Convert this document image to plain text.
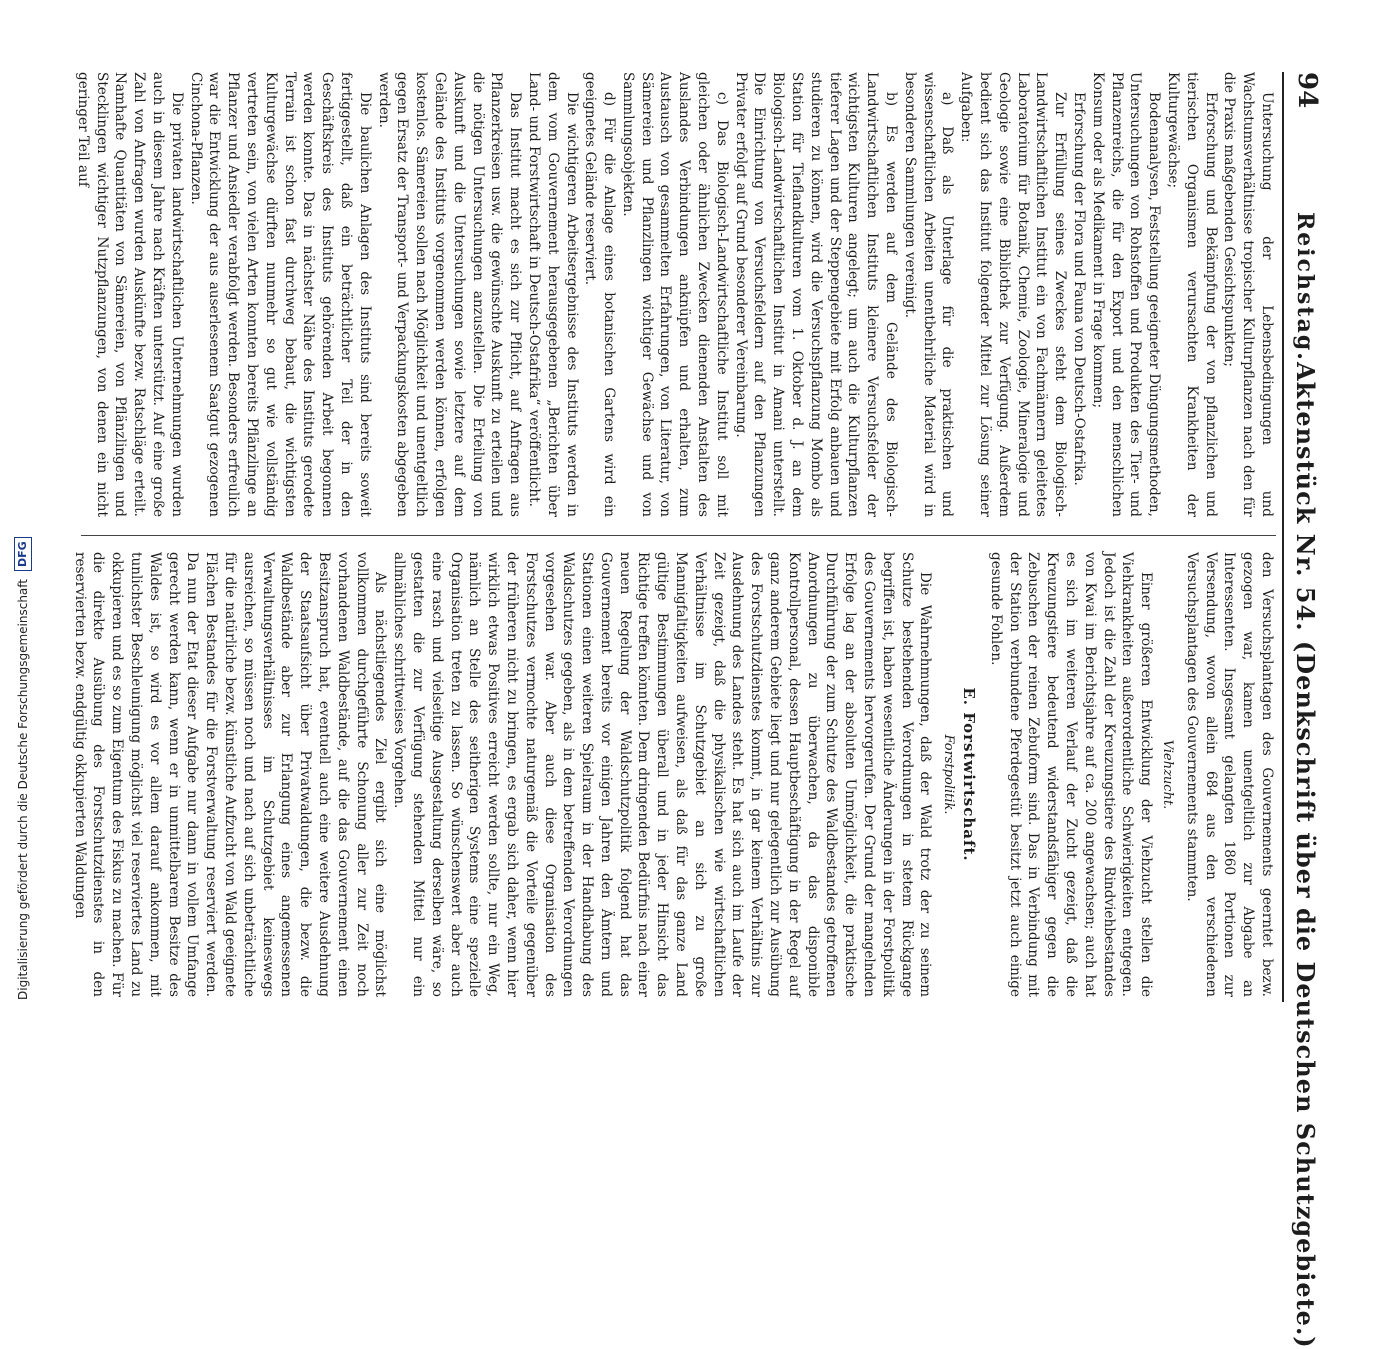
94
Reichstag.
Aktenstück Nr. 54. (Denkschrift über die Deutschen Schutzgebiete.)

Untersuchung der Lebensbedingungen und Wachstumsverhältnisse tropischer Kulturpflanzen nach den für die Praxis maßgebenden Gesichtspunkten;

Erforschung und Bekämpfung der von pflanzlichen und tierischen Organismen verursachten Krankheiten der Kulturgewächse;

Bodenanalysen, Feststellung geeigneter Düngungsmethoden, Untersuchungen von Rohstoffen und Produkten des Tier- und Pflanzenreichs, die für den Export und den menschlichen Konsum oder als Medikament in Frage kommen;

Erforschung der Flora und Fauna von Deutsch-Ostafrika.

Zur Erfüllung seines Zweckes steht dem Biologisch-Landwirtschaftlichen Institut ein von Fachmännern geleitetes Laboratorium für Botanik, Chemie, Zoologie, Mineralogie und Geologie sowie eine Bibliothek zur Verfügung. Außerdem bedient sich das Institut folgender Mittel zur Lösung seiner Aufgaben:

a) Daß als Unterlage für die praktischen und wissenschaftlichen Arbeiten unentbehrliche Material wird in besonderen Sammlungen vereinigt.

b) Es werden auf dem Gelände des Biologisch-Landwirtschaftlichen Instituts kleinere Versuchsfelder der wichtigsten Kulturen angelegt; um auch die Kulturpflanzen tieferer Lagen und der Steppengebiete mit Erfolg anbauen und studieren zu können, wird die Versuchspflanzung Mombo als Station für Tieflandkulturen vom 1. Oktober d. J. an dem Biologisch-Landwirtschaftlichen Institut in Amani unterstellt. Die Einrichtung von Versuchsfeldern auf den Pflanzungen Privater erfolgt auf Grund besonderer Vereinbarung.

c) Das Biologisch-Landwirtschaftliche Institut soll mit gleichen oder ähnlichen Zwecken dienenden Anstalten des Auslandes Verbindungen anknüpfen und erhalten, zum Austausch von gesammelten Erfahrungen, von Literatur, von Sämereien und Pflanzlingen wichtiger Gewächse und von Sammlungsobjekten.

d) Für die Anlage eines botanischen Gartens wird ein geeignetes Gelände reserviert.

Die wichtigeren Arbeitsergebnisse des Instituts werden in dem vom Gouvernement herausgegebenen „Berichten über Land- und Forstwirtschaft in Deutsch-Ostafrika“ veröffentlicht.

Das Institut macht es sich zur Pflicht, auf Anfragen aus Pflanzerkreisen usw. die gewünschte Auskunft zu erteilen und die nötigen Untersuchungen anzustellen. Die Erteilung von Auskunft und die Untersuchungen sowie letztere auf dem Gelände des Instituts vorgenommen werden können, erfolgen kostenlos. Sämereien sollen nach Möglichkeit und unentgeltlich gegen Ersatz der Transport- und Verpackungskosten abgegeben werden.

Die baulichen Anlagen des Instituts sind bereits soweit fertiggestellt, daß ein beträchtlicher Teil der in den Geschäftskreis des Instituts gehörenden Arbeit begonnen werden konnte. Das in nächster Nähe des Instituts gerodete Terrain ist schon fast durchweg bebaut, die wichtigsten Kulturgewächse dürften nunmehr so gut wie vollständig vertreten sein, von vielen Arten konnten bereits Pflänzlinge an Pflanzer und Ansiedler verabfolgt werden. Besonders erfreulich war die Entwicklung der aus auserlesenem Saatgut gezogenen Cinchona-Pflanzen.

Die privaten landwirtschaftlichen Unternehmungen wurden auch in diesem Jahre nach Kräften unterstützt. Auf eine große Zahl von Anfragen wurden Auskünfte bezw. Ratschläge erteilt. Namhafte Quantitäten von Sämereien, von Pflänzlingen und Stecklingen wichtiger Nutzpflanzungen, von denen ein nicht geringer Teil auf

den Versuchsplantagen des Gouvernements geerntet bezw. gezogen war, kamen unentgeltlich zur Abgabe an Interessenten. Insgesamt gelangten 1860 Portionen zur Versendung, wovon allein 684 aus den verschiedenen Versuchsplantagen des Gouvernements stammten.

Viehzucht.

Einer größeren Entwicklung der Viehzucht stellen die Viehkrankheiten außerordentliche Schwierigkeiten entgegen. Jedoch ist die Zahl der Kreuzungstiere des Rindviehbestandes von Kwai im Berichtsjahre auf ca. 200 angewachsen; auch hat es sich im weiteren Verlauf der Zucht gezeigt, daß die Kreuzungstiere bedeutend widerstandsfähiger gegen die Zebuschen der reinen Zebuform sind. Das in Verbindung mit der Station verbundene Pferdegestüt besitzt jetzt auch einige gesunde Fohlen.

E. Forstwirtschaft.
Forstpolitik.

Die Wahrnehmungen, daß der Wald trotz der zu seinem Schutze bestehenden Verordnungen in stetem Rückgange begriffen ist, haben wesentliche Änderungen in der Forstpolitik des Gouvernements hervorgerufen. Der Grund der mangelnden Erfolge lag an der absoluten Unmöglichkeit, die praktische Durchführung der zum Schutze des Waldbestandes getroffenen Anordnungen zu überwachen, da das disponible Kontrollpersonal, dessen Hauptbeschäftigung in der Regel auf ganz anderem Gebiete liegt und nur gelegentlich zur Ausübung des Forstschutzdienstes kommt, in gar keinem Verhältnis zur Ausdehnung des Landes steht. Es hat sich auch im Laufe der Zeit gezeigt, daß die physikalischen wie wirtschaftlichen Verhältnisse im Schutzgebiet an sich zu große Mannigfaltigkeiten aufweisen, als daß für das ganze Land gültige Bestimmungen überall und in jeder Hinsicht das Richtige treffen könnten. Dem dringenden Bedürfnis nach einer neuen Regelung der Waldschutzpolitik folgend hat das Gouvernement bereits vor einigen Jahren den Ämtern und Stationen einen weiteren Spielraum in der Handhabung des Waldschutzes gegeben, als in dem betreffenden Verordnungen vorgesehen war. Aber auch diese Organisation des Forstschutzes vermochte naturgemäß die Vorteile gegenüber der früheren nicht zu bringen, es ergab sich daher, wenn hier wirklich etwas Positives erreicht werden sollte, nur ein Weg, nämlich an Stelle des seitherigen Systems eine spezielle Organisation treten zu lassen. So wünschenswert aber auch eine rasch und vielseitige Ausgestaltung derselben wäre, so gestatten die zur Verfügung stehenden Mittel nur ein allmähliches schrittweises Vorgehen.

Als nächstliegendes Ziel ergibt sich eine möglichst vollkommen durchgeführte Schonung aller zur Zeit noch vorhandenen Waldbestände, auf die das Gouvernement einen Besitzanspruch hat, eventuell auch eine weitere Ausdehnung der Staatsaufsicht über Privatwaldungen, die bezw. die Waldbestände aber zur Erlangung eines angemessenen Verwaltungsverhältnisses im Schutzgebiet keineswegs ausreichen, so müssen noch und nach auf sich unbeträchtliche für die natürliche bezw. künstliche Aufzucht von Wald geeignete Flächen Bestandes für die Forstverwaltung reserviert werden. Da nun der Etat dieser Aufgabe nur dann in vollem Umfange gerecht werden kann, wenn er in unmittelbarem Besitze des Waldes ist, so wird es vor allem darauf ankommen, mit tunlichster Beschleunigung möglichst viel reserviertes Land zu okkupieren und es so zum Eigentum des Fiskus zu machen. Für die direkte Ausübung des Forstschutzdienstes in den reservierten bezw. endgültig okkupierten Waldungen

Digitalisierung gefördert durch die Deutsche Forschungsgemeinschaft
DFG
